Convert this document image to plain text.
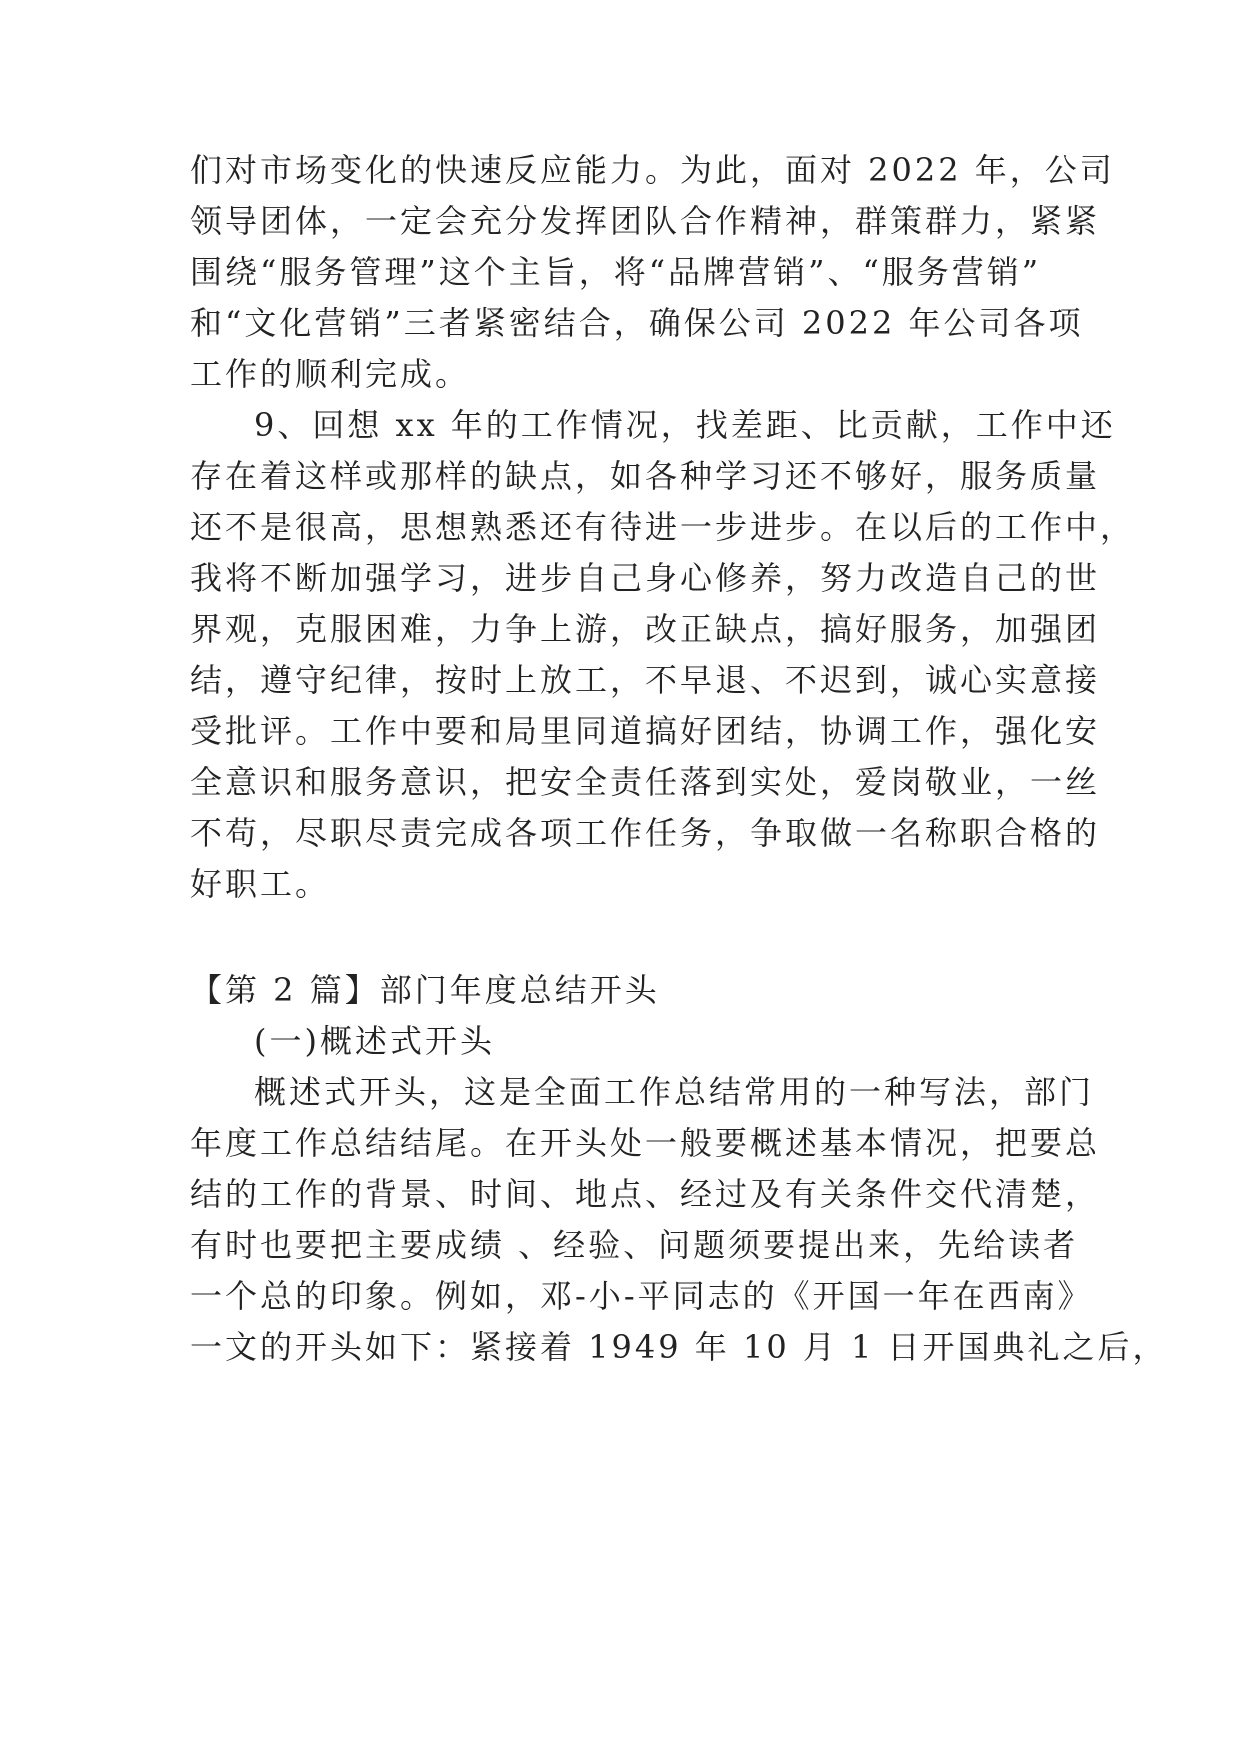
们对市场变化的快速反应能力。为此，面对 2022 年，公司
领导团体，一定会充分发挥团队合作精神，群策群力，紧紧
围绕“服务管理”这个主旨，将“品牌营销”、“服务营销”
和“文化营销”三者紧密结合，确保公司 2022 年公司各项
工作的顺利完成。
9、回想 xx 年的工作情况，找差距、比贡献，工作中还
存在着这样或那样的缺点，如各种学习还不够好，服务质量
还不是很高，思想熟悉还有待进一步进步。在以后的工作中，
我将不断加强学习，进步自己身心修养，努力改造自己的世
界观，克服困难，力争上游，改正缺点，搞好服务，加强团
结，遵守纪律，按时上放工，不早退、不迟到，诚心实意接
受批评。工作中要和局里同道搞好团结，协调工作，强化安
全意识和服务意识，把安全责任落到实处，爱岗敬业，一丝
不苟，尽职尽责完成各项工作任务，争取做一名称职合格的
好职工。
【第 2 篇】部门年度总结开头
(一)概述式开头
概述式开头，这是全面工作总结常用的一种写法，部门
年度工作总结结尾。在开头处一般要概述基本情况，把要总
结的工作的背景、时间、地点、经过及有关条件交代清楚，
有时也要把主要成绩 、经验、问题须要提出来，先给读者
一个总的印象。例如，邓-小-平同志的《开国一年在西南》
一文的开头如下：紧接着 1949 年 10 月 1 日开国典礼之后，
